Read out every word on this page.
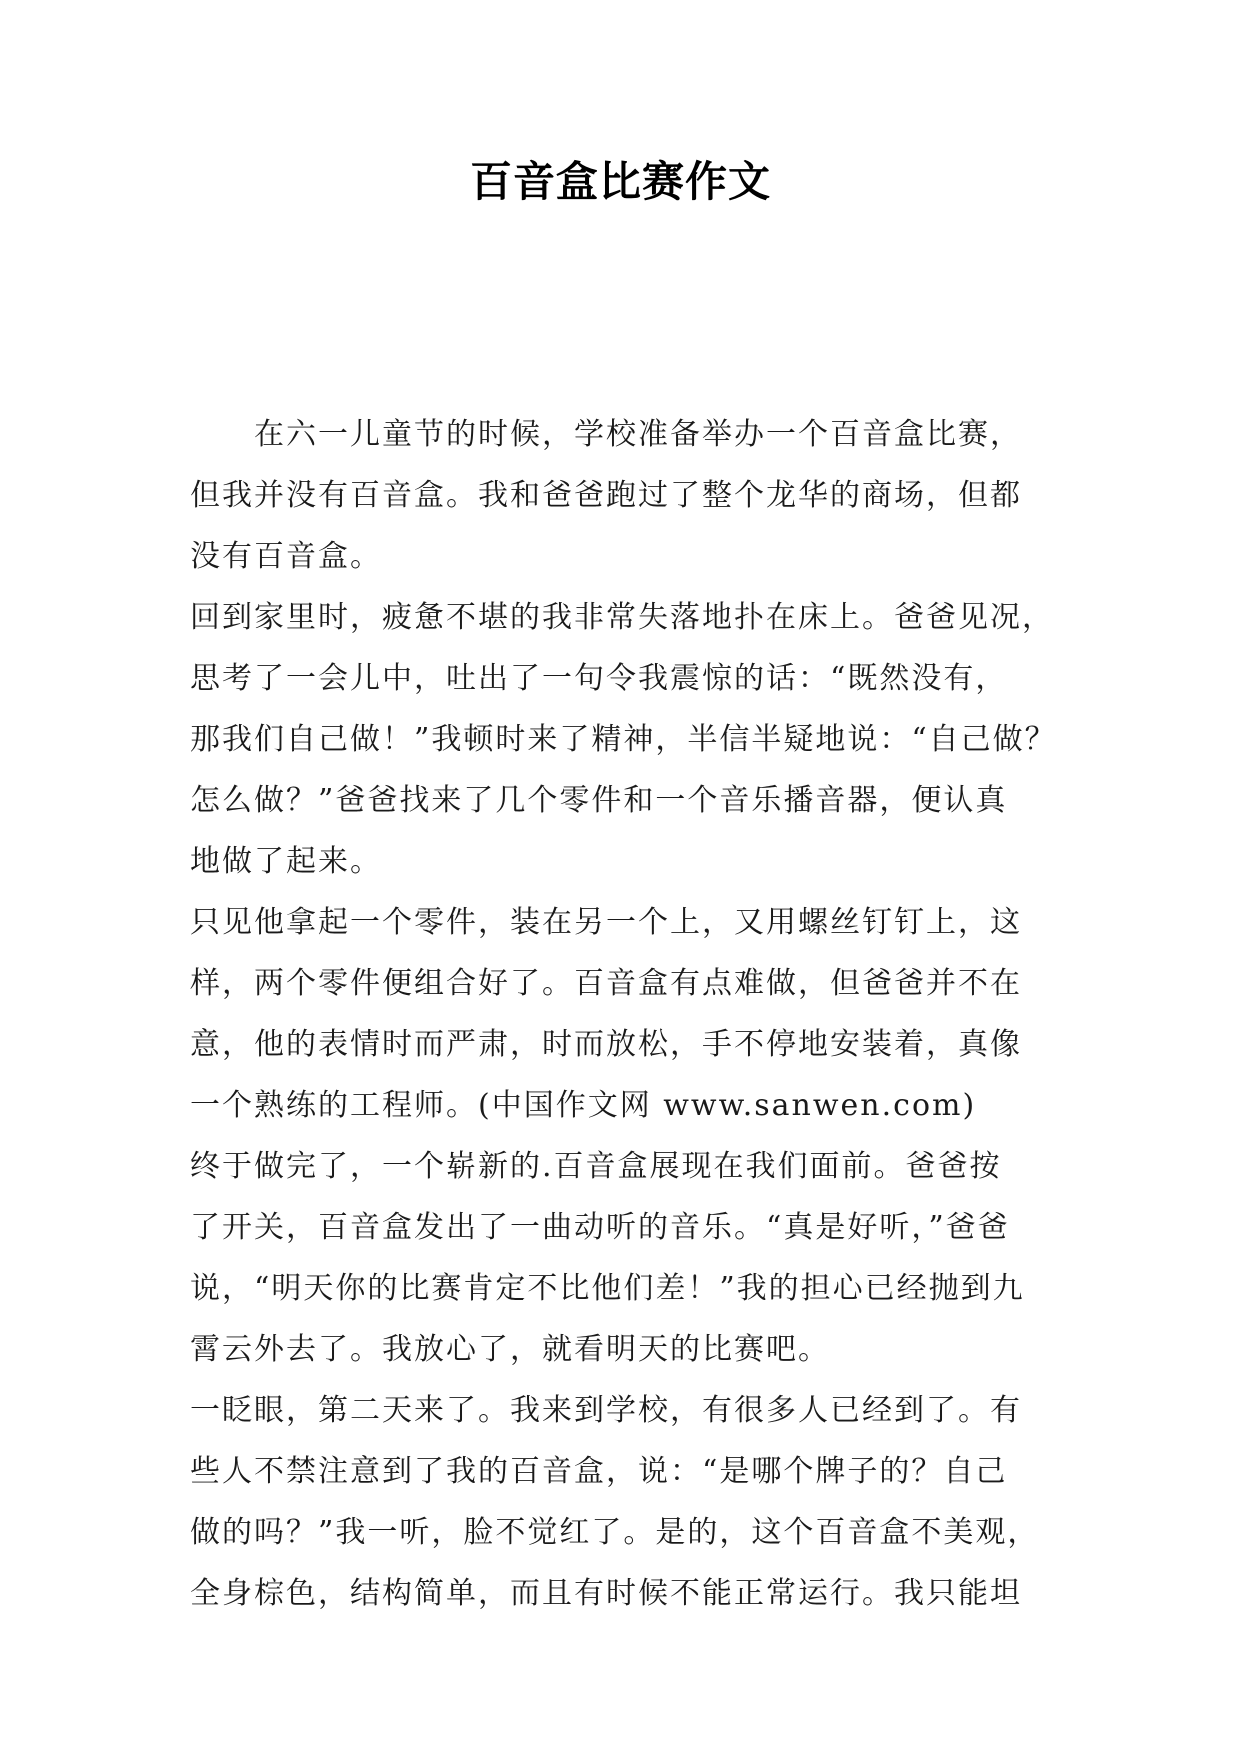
百音盒比赛作文
在六一儿童节的时候，学校准备举办一个百音盒比赛，
但我并没有百音盒。我和爸爸跑过了整个龙华的商场，但都
没有百音盒。
回到家里时，疲惫不堪的我非常失落地扑在床上。爸爸见况，
思考了一会儿中，吐出了一句令我震惊的话：“既然没有，
那我们自己做！”我顿时来了精神，半信半疑地说：“自己做？
怎么做？”爸爸找来了几个零件和一个音乐播音器，便认真
地做了起来。
只见他拿起一个零件，装在另一个上，又用螺丝钉钉上，这
样，两个零件便组合好了。百音盒有点难做，但爸爸并不在
意，他的表情时而严肃，时而放松，手不停地安装着，真像
一个熟练的工程师。(中国作文网 www.sanwen.com)
终于做完了，一个崭新的.百音盒展现在我们面前。爸爸按
了开关，百音盒发出了一曲动听的音乐。“真是好听，”爸爸
说，“明天你的比赛肯定不比他们差！”我的担心已经抛到九
霄云外去了。我放心了，就看明天的比赛吧。
一眨眼，第二天来了。我来到学校，有很多人已经到了。有
些人不禁注意到了我的百音盒，说：“是哪个牌子的？自己
做的吗？”我一听，脸不觉红了。是的，这个百音盒不美观，
全身棕色，结构简单，而且有时候不能正常运行。我只能坦
